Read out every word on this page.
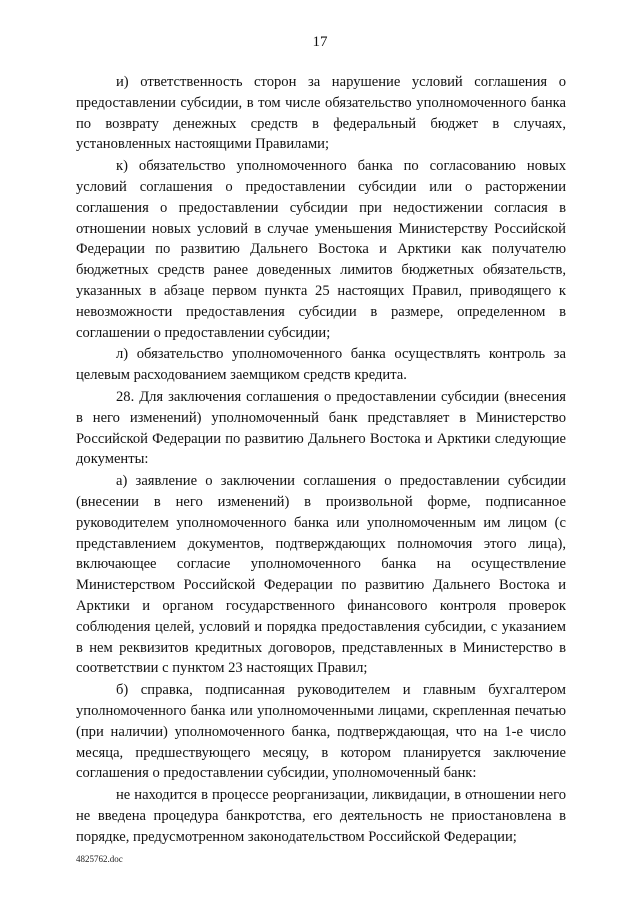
17

и) ответственность сторон за нарушение условий соглашения о предоставлении субсидии, в том числе обязательство уполномоченного банка по возврату денежных средств в федеральный бюджет в случаях, установленных настоящими Правилами;

к) обязательство уполномоченного банка по согласованию новых условий соглашения о предоставлении субсидии или о расторжении соглашения о предоставлении субсидии при недостижении согласия в отношении новых условий в случае уменьшения Министерству Российской Федерации по развитию Дальнего Востока и Арктики как получателю бюджетных средств ранее доведенных лимитов бюджетных обязательств, указанных в абзаце первом пункта 25 настоящих Правил, приводящего к невозможности предоставления субсидии в размере, определенном в соглашении о предоставлении субсидии;

л) обязательство уполномоченного банка осуществлять контроль за целевым расходованием заемщиком средств кредита.

28. Для заключения соглашения о предоставлении субсидии (внесения в него изменений) уполномоченный банк представляет в Министерство Российской Федерации по развитию Дальнего Востока и Арктики следующие документы:

а) заявление о заключении соглашения о предоставлении субсидии (внесении в него изменений) в произвольной форме, подписанное руководителем уполномоченного банка или уполномоченным им лицом (с представлением документов, подтверждающих полномочия этого лица), включающее согласие уполномоченного банка на осуществление Министерством Российской Федерации по развитию Дальнего Востока и Арктики и органом государственного финансового контроля проверок соблюдения целей, условий и порядка предоставления субсидии, с указанием в нем реквизитов кредитных договоров, представленных в Министерство в соответствии с пунктом 23 настоящих Правил;

б) справка, подписанная руководителем и главным бухгалтером уполномоченного банка или уполномоченными лицами, скрепленная печатью (при наличии) уполномоченного банка, подтверждающая, что на 1-е число месяца, предшествующего месяцу, в котором планируется заключение соглашения о предоставлении субсидии, уполномоченный банк:

не находится в процессе реорганизации, ликвидации, в отношении него не введена процедура банкротства, его деятельность не приостановлена в порядке, предусмотренном законодательством Российской Федерации;

4825762.doc
